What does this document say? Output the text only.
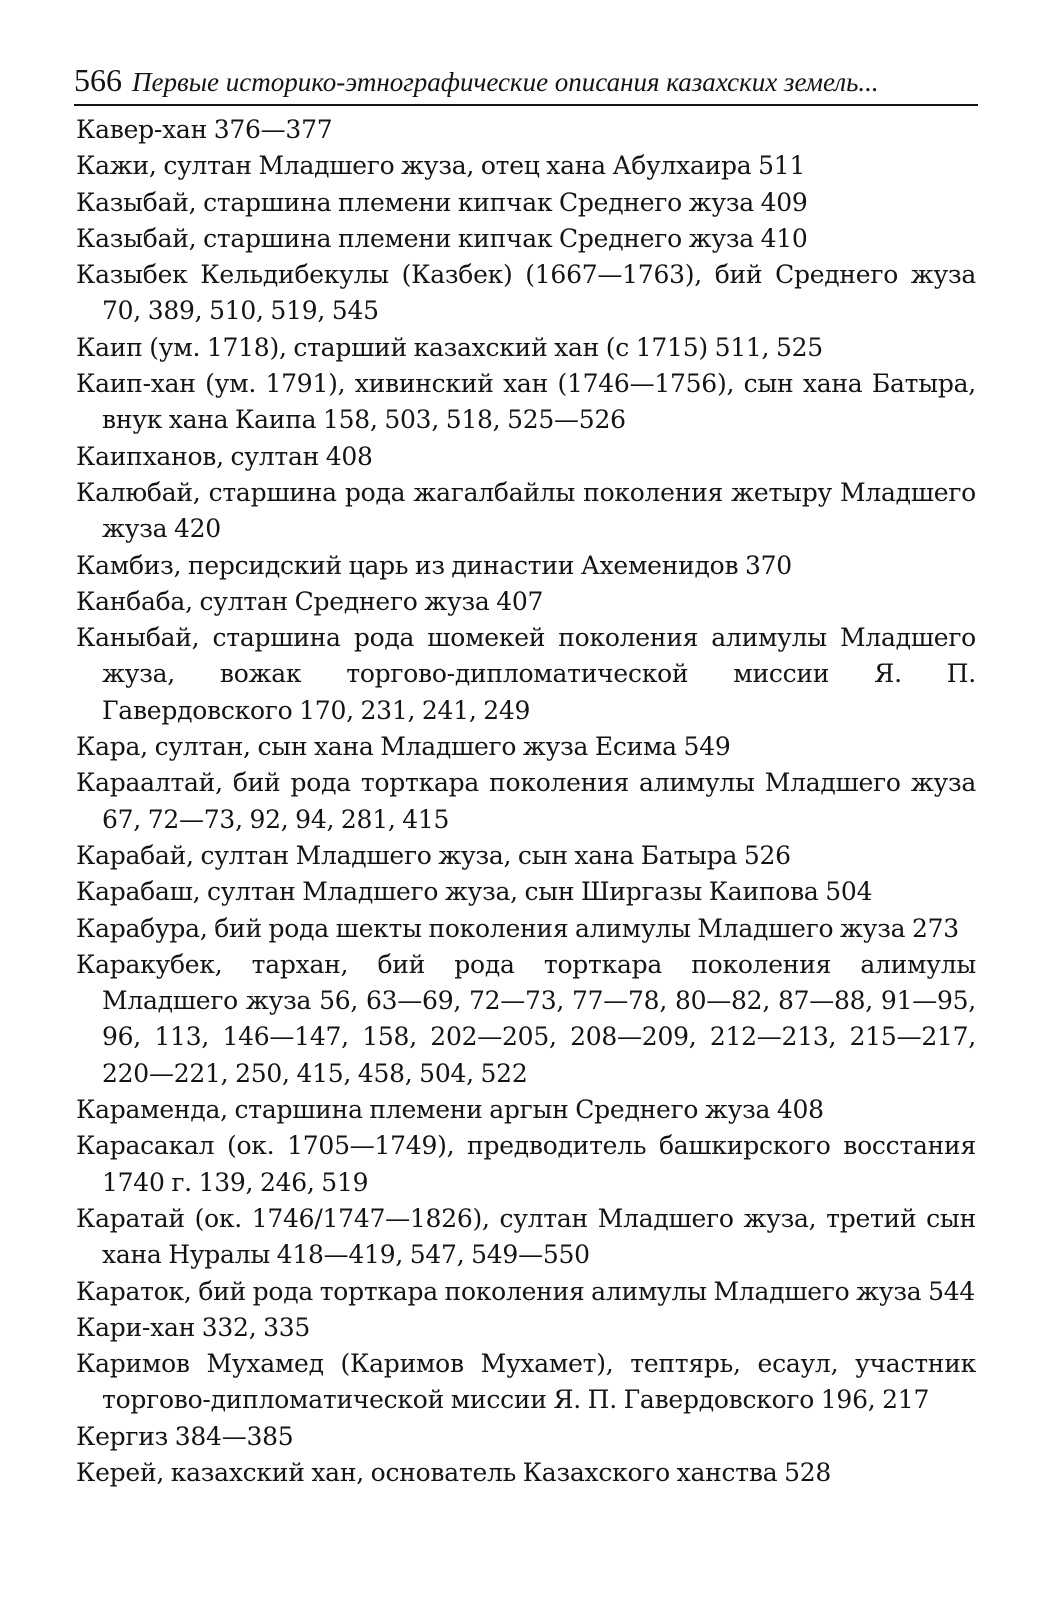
566 Первые историко-этнографические описания казахских земель...
Кавер-хан 376—377
Кажи, султан Младшего жуза, отец хана Абулхаира 511
Казыбай, старшина племени кипчак Среднего жуза 409
Казыбай, старшина племени кипчак Среднего жуза 410
Казыбек Кельдибекулы (Казбек) (1667—1763), бий Среднего жуза 70, 389, 510, 519, 545
Каип (ум. 1718), старший казахский хан (с 1715) 511, 525
Каип-хан (ум. 1791), хивинский хан (1746—1756), сын хана Батыра, внук хана Каипа 158, 503, 518, 525—526
Каипханов, султан 408
Калюбай, старшина рода жагалбайлы поколения жетыру Младшего жуза 420
Камбиз, персидский царь из династии Ахеменидов 370
Канбаба, султан Среднего жуза 407
Каныбай, старшина рода шомекей поколения алимулы Младшего жуза, вожак торгово-дипломатической миссии Я. П. Гавердовского 170, 231, 241, 249
Кара, султан, сын хана Младшего жуза Есима 549
Караалтай, бий рода торткара поколения алимулы Младшего жуза 67, 72—73, 92, 94, 281, 415
Карабай, султан Младшего жуза, сын хана Батыра 526
Карабаш, султан Младшего жуза, сын Ширгазы Каипова 504
Карабура, бий рода шекты поколения алимулы Младшего жуза 273
Каракубек, тархан, бий рода торткара поколения алимулы Младшего жуза 56, 63—69, 72—73, 77—78, 80—82, 87—88, 91—95, 96, 113, 146—147, 158, 202—205, 208—209, 212—213, 215—217, 220—221, 250, 415, 458, 504, 522
Караменда, старшина племени аргын Среднего жуза 408
Карасакал (ок. 1705—1749), предводитель башкирского восстания 1740 г. 139, 246, 519
Каратай (ок. 1746/1747—1826), султан Младшего жуза, третий сын хана Нуралы 418—419, 547, 549—550
Караток, бий рода торткара поколения алимулы Младшего жуза 544
Кари-хан 332, 335
Каримов Мухамед (Каримов Мухамет), тептярь, есаул, участник торгово-дипломатической миссии Я. П. Гавердовского 196, 217
Кергиз 384—385
Керей, казахский хан, основатель Казахского ханства 528
